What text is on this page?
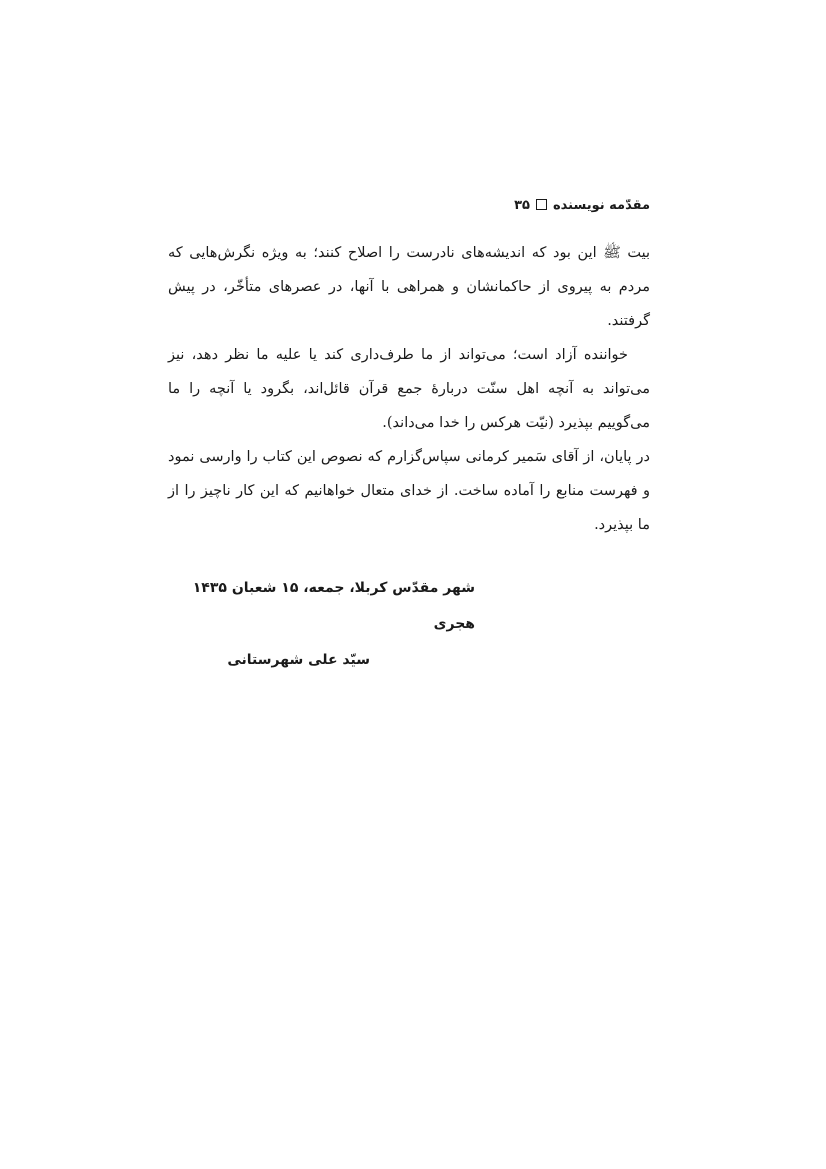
مقدّمه نویسنده۳۵

بیت ﷺ این بود که اندیشه‌های نادرست را اصلاح کنند؛ به ویژه نگرش‌هایی که مردم به پیروی از حاکمانشان و همراهی با آنها، در عصرهای متأخّر، در پیش گرفتند.

خواننده آزاد است؛ می‌تواند از ما طرف‌داری کند یا علیه ما نظر دهد، نیز می‌تواند به آنچه اهل سنّت دربارهٔ جمع قرآن قائل‌اند، بگرود یا آنچه را ما می‌گوییم بپذیرد (نیّت هرکس را خدا می‌داند).

در پایان، از آقای سَمیر کرمانی سپاس‌گزارم که نصوص این کتاب را وارسی نمود و فهرست منابع را آماده ساخت. از خدای متعال خواهانیم که این کار ناچیز را از ما بپذیرد.

شهر مقدّس کربلا، جمعه، ۱۵ شعبان ۱۴۳۵ هجری
سیّد علی شهرستانی
